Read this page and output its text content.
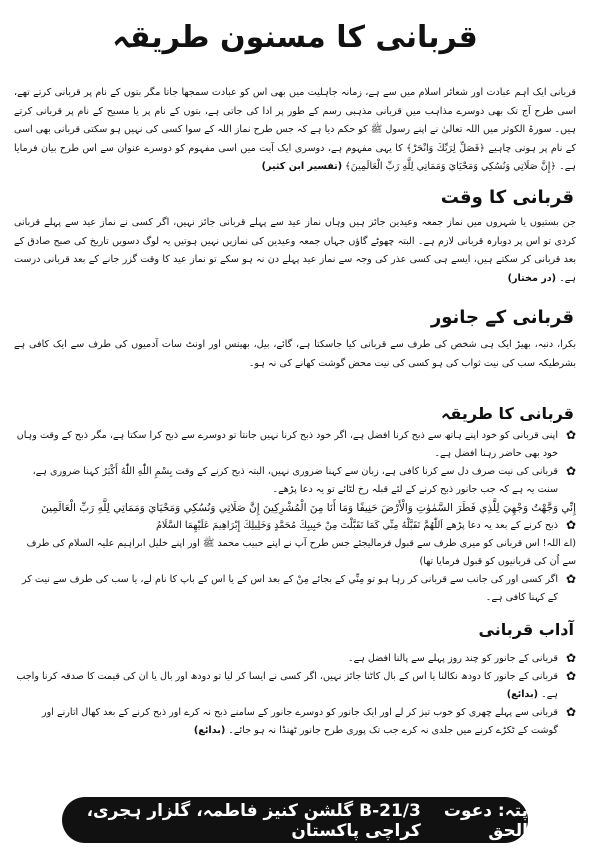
قربانی کا مسنون طریقہ
قربانی ایک اہم عبادت اور شعائر اسلام میں سے ہے، زمانہ جاہلیت میں بھی اس کو عبادت سمجھا جاتا مگر بتوں کے نام پر قربانی کرتے تھے، اسی طرح آج تک بھی دوسرے مذاہب میں قربانی مذہبی رسم کے طور پر ادا کی جاتی ہے، بتوں کے نام پر یا مسیح کے نام پر قربانی کرتے ہیں۔ سورۃ الکوثر میں اللہ تعالیٰ نے اپنے رسول ﷺ کو حکم دیا ہے کہ جس طرح نماز اللہ کے سوا کسی کی نہیں ہو سکتی قربانی بھی اسی کے نام پر ہونی چاہیے ﴿فَصَلِّ لِرَبِّكَ وَانْحَرْ﴾ کا یہی مفہوم ہے، دوسری ایک آیت میں اسی مفہوم کو دوسرے عنوان سے اس طرح بیان فرمایا ہے۔ ﴿إِنَّ صَلَاتِي وَنُسُكِي وَمَحْيَايَ وَمَمَاتِي لِلَّهِ رَبِّ الْعَالَمِينَ﴾ (تفسیر ابن کثیر)
قربانی کا وقت
جن بستیوں یا شہروں میں نماز جمعہ وعیدین جائز ہیں وہاں نماز عید سے پہلے قربانی جائز نہیں، اگر کسی نے نماز عید سے پہلے قربانی کردی تو اس پر دوبارہ قربانی لازم ہے۔ البتہ چھوٹے گاؤں جہاں جمعہ وعیدین کی نمازیں نہیں ہوتیں یہ لوگ دسویں تاریخ کی صبح صادق کے بعد قربانی کر سکتے ہیں، ایسے ہی کسی عذر کی وجہ سے نماز عید پہلے دن نہ ہو سکے تو نماز عید کا وقت گزر جانے کے بعد قربانی درست ہے۔ (در مختار)
قربانی کے جانور
بکرا، دنبہ، بھیڑ ایک ہی شخص کی طرف سے قربانی کیا جاسکتا ہے، گائے، بیل، بھینس اور اونٹ سات آدمیوں کی طرف سے ایک کافی ہے بشرطیکہ سب کی نیت ثواب کی ہو کسی کی نیت محض گوشت کھانے کی نہ ہو۔
قربانی کا طریقہ
✿
اپنی قربانی کو خود اپنے ہاتھ سے ذبح کرنا افضل ہے، اگر خود ذبح کرنا نہیں جانتا تو دوسرے سے ذبح کرا سکتا ہے، مگر ذبح کے وقت وہاں خود بھی حاضر رہنا افضل ہے۔
✿
قربانی کی نیت صرف دل سے کرنا کافی ہے، زبان سے کہنا ضروری نہیں، البتہ ذبح کرنے کے وقت بِسْمِ اللّٰهِ اللّٰهُ أَكْبَرُ کہنا ضروری ہے، سنت یہ ہے کہ جب جانور ذبح کرنے کے لئے قبلہ رخ لٹائے تو یہ دعا پڑھے۔
إِنِّي وَجَّهْتُ وَجْهِيَ لِلَّذِي فَطَرَ السَّمٰوٰتِ وَالْأَرْضَ حَنِيفًا وَمَا أَنَا مِنَ الْمُشْرِكِينَ إِنَّ صَلَاتِي وَنُسُكِي وَمَحْيَايَ وَمَمَاتِي لِلَّهِ رَبِّ الْعَالَمِينَ
✿
ذبح کرنے کے بعد یہ دعا پڑھے اَللّٰهُمَّ تَقَبَّلْهُ مِنِّي كَمَا تَقَبَّلْتَ مِنْ حَبِيبِكَ مُحَمَّدٍ وَخَلِيلِكَ إِبْرَاهِيمَ عَلَيْهِمَا السَّلَامُ
(اے اللہ! اس قربانی کو میری طرف سے قبول فرمالیجئے جس طرح آپ نے اپنے حبیب محمد ﷺ اور اپنے خلیل ابراہیم علیہ السلام کی طرف سے اُن کی قربانیوں کو قبول فرمایا تھا)
✿
اگر کسی اور کی جانب سے قربانی کر رہا ہو تو مِنِّي کے بجائے مِنْ کے بعد اس کے یا اس کے باپ کا نام لے، یا سب کی طرف سے نیت کر کے کہنا کافی ہے۔
آداب قربانی
✿
قربانی کے جانور کو چند روز پہلے سے پالنا افضل ہے۔
✿
قربانی کے جانور کا دودھ نکالنا یا اس کے بال کاٹنا جائز نہیں، اگر کسی نے ایسا کر لیا تو دودھ اور بال یا ان کی قیمت کا صدقہ کرنا واجب ہے۔ (بدائع)
✿
قربانی سے پہلے چھری کو خوب تیز کر لے اور ایک جانور کو دوسرے جانور کے سامنے ذبح نہ کرے اور ذبح کرنے کے بعد کھال اتارنے اور گوشت کے ٹکڑے کرنے میں جلدی نہ کرے جب تک پوری طرح جانور ٹھنڈا نہ ہو جائے۔ (بدائع)
پتہ: دعوت الحق
B-21/3 گلشن کنیز فاطمہ، گلزار ہجری، کراچی پاکستان
